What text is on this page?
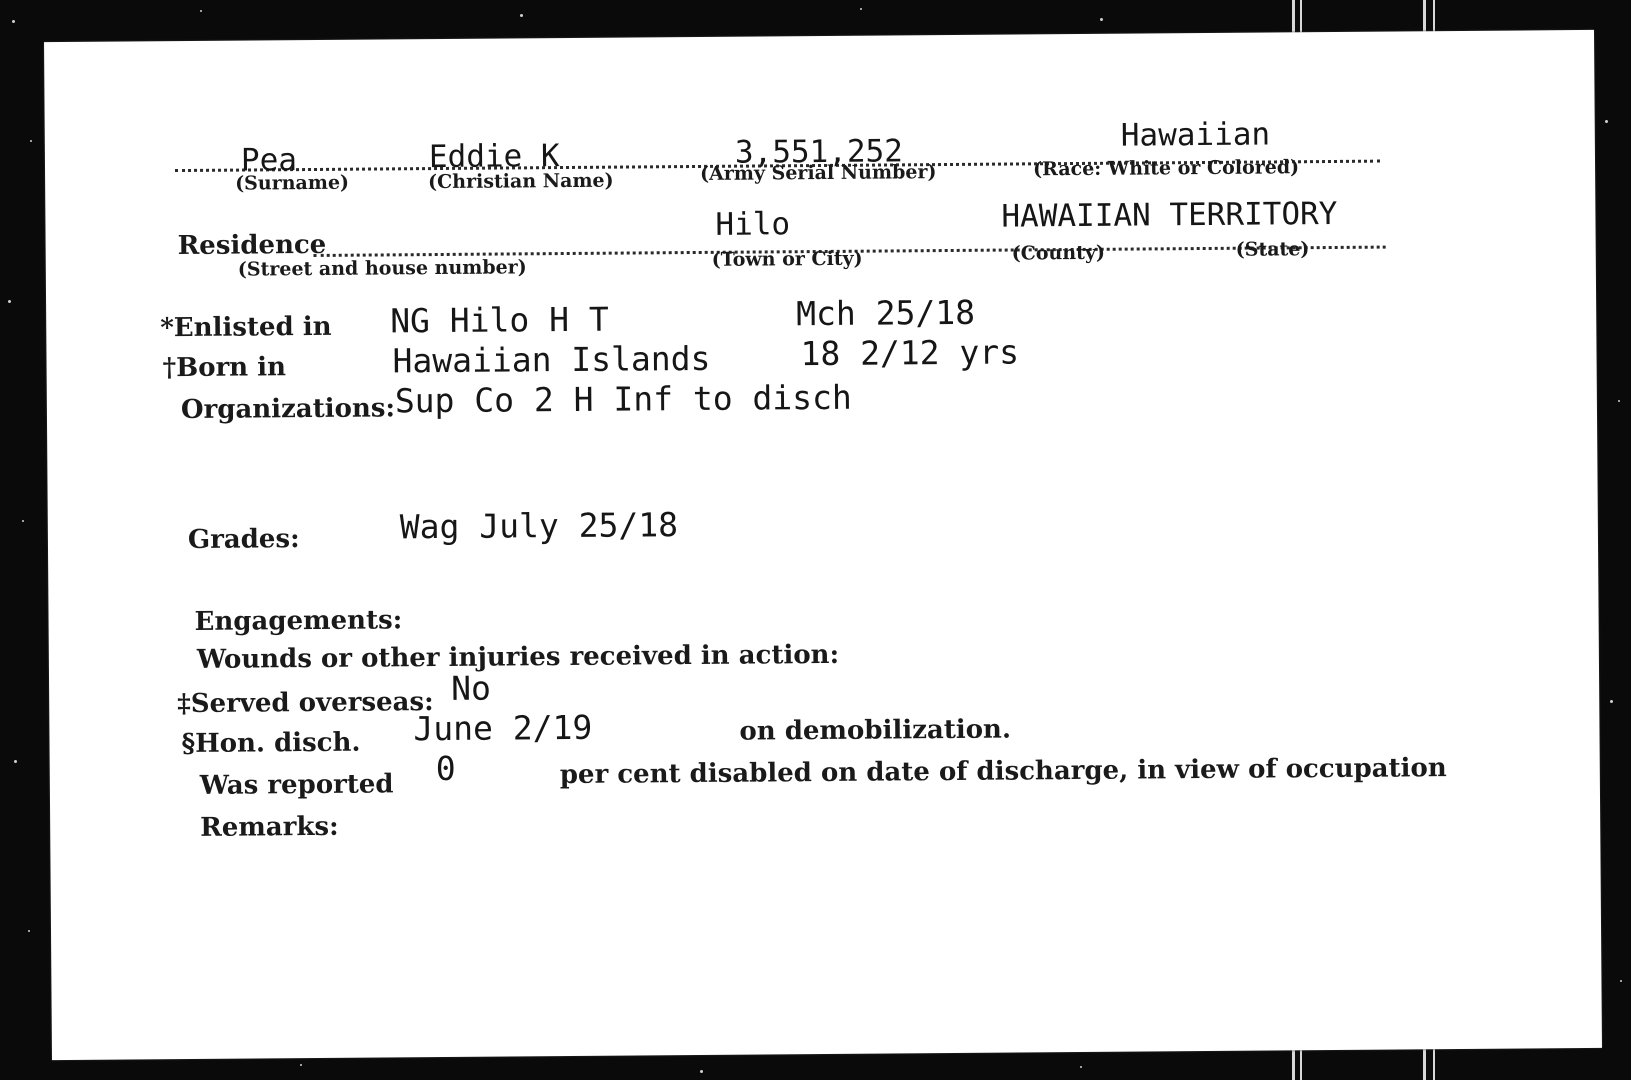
Pea
(Surname)
Eddie K
(Christian Name)
3,551,252
(Army Serial Number)
Hawaiian
(Race: White or Colored)
Residence
(Street and house number)
Hilo
(Town or City)
HAWAIIAN TERRITORY
(County)	(State)
*Enlisted in NG Hilo H T	Mch 25/18
†Born in	Hawaiian Islands	18 2/12 yrs
Organizations: Sup Co 2 H Inf to disch
Grades:	Wag July 25/18
Engagements:
Wounds or other injuries received in action:
‡Served overseas: No
§Hon. disch. June 2/19	on demobilization.
Was reported 0	per cent disabled on date of discharge, in view of occupation
Remarks:
